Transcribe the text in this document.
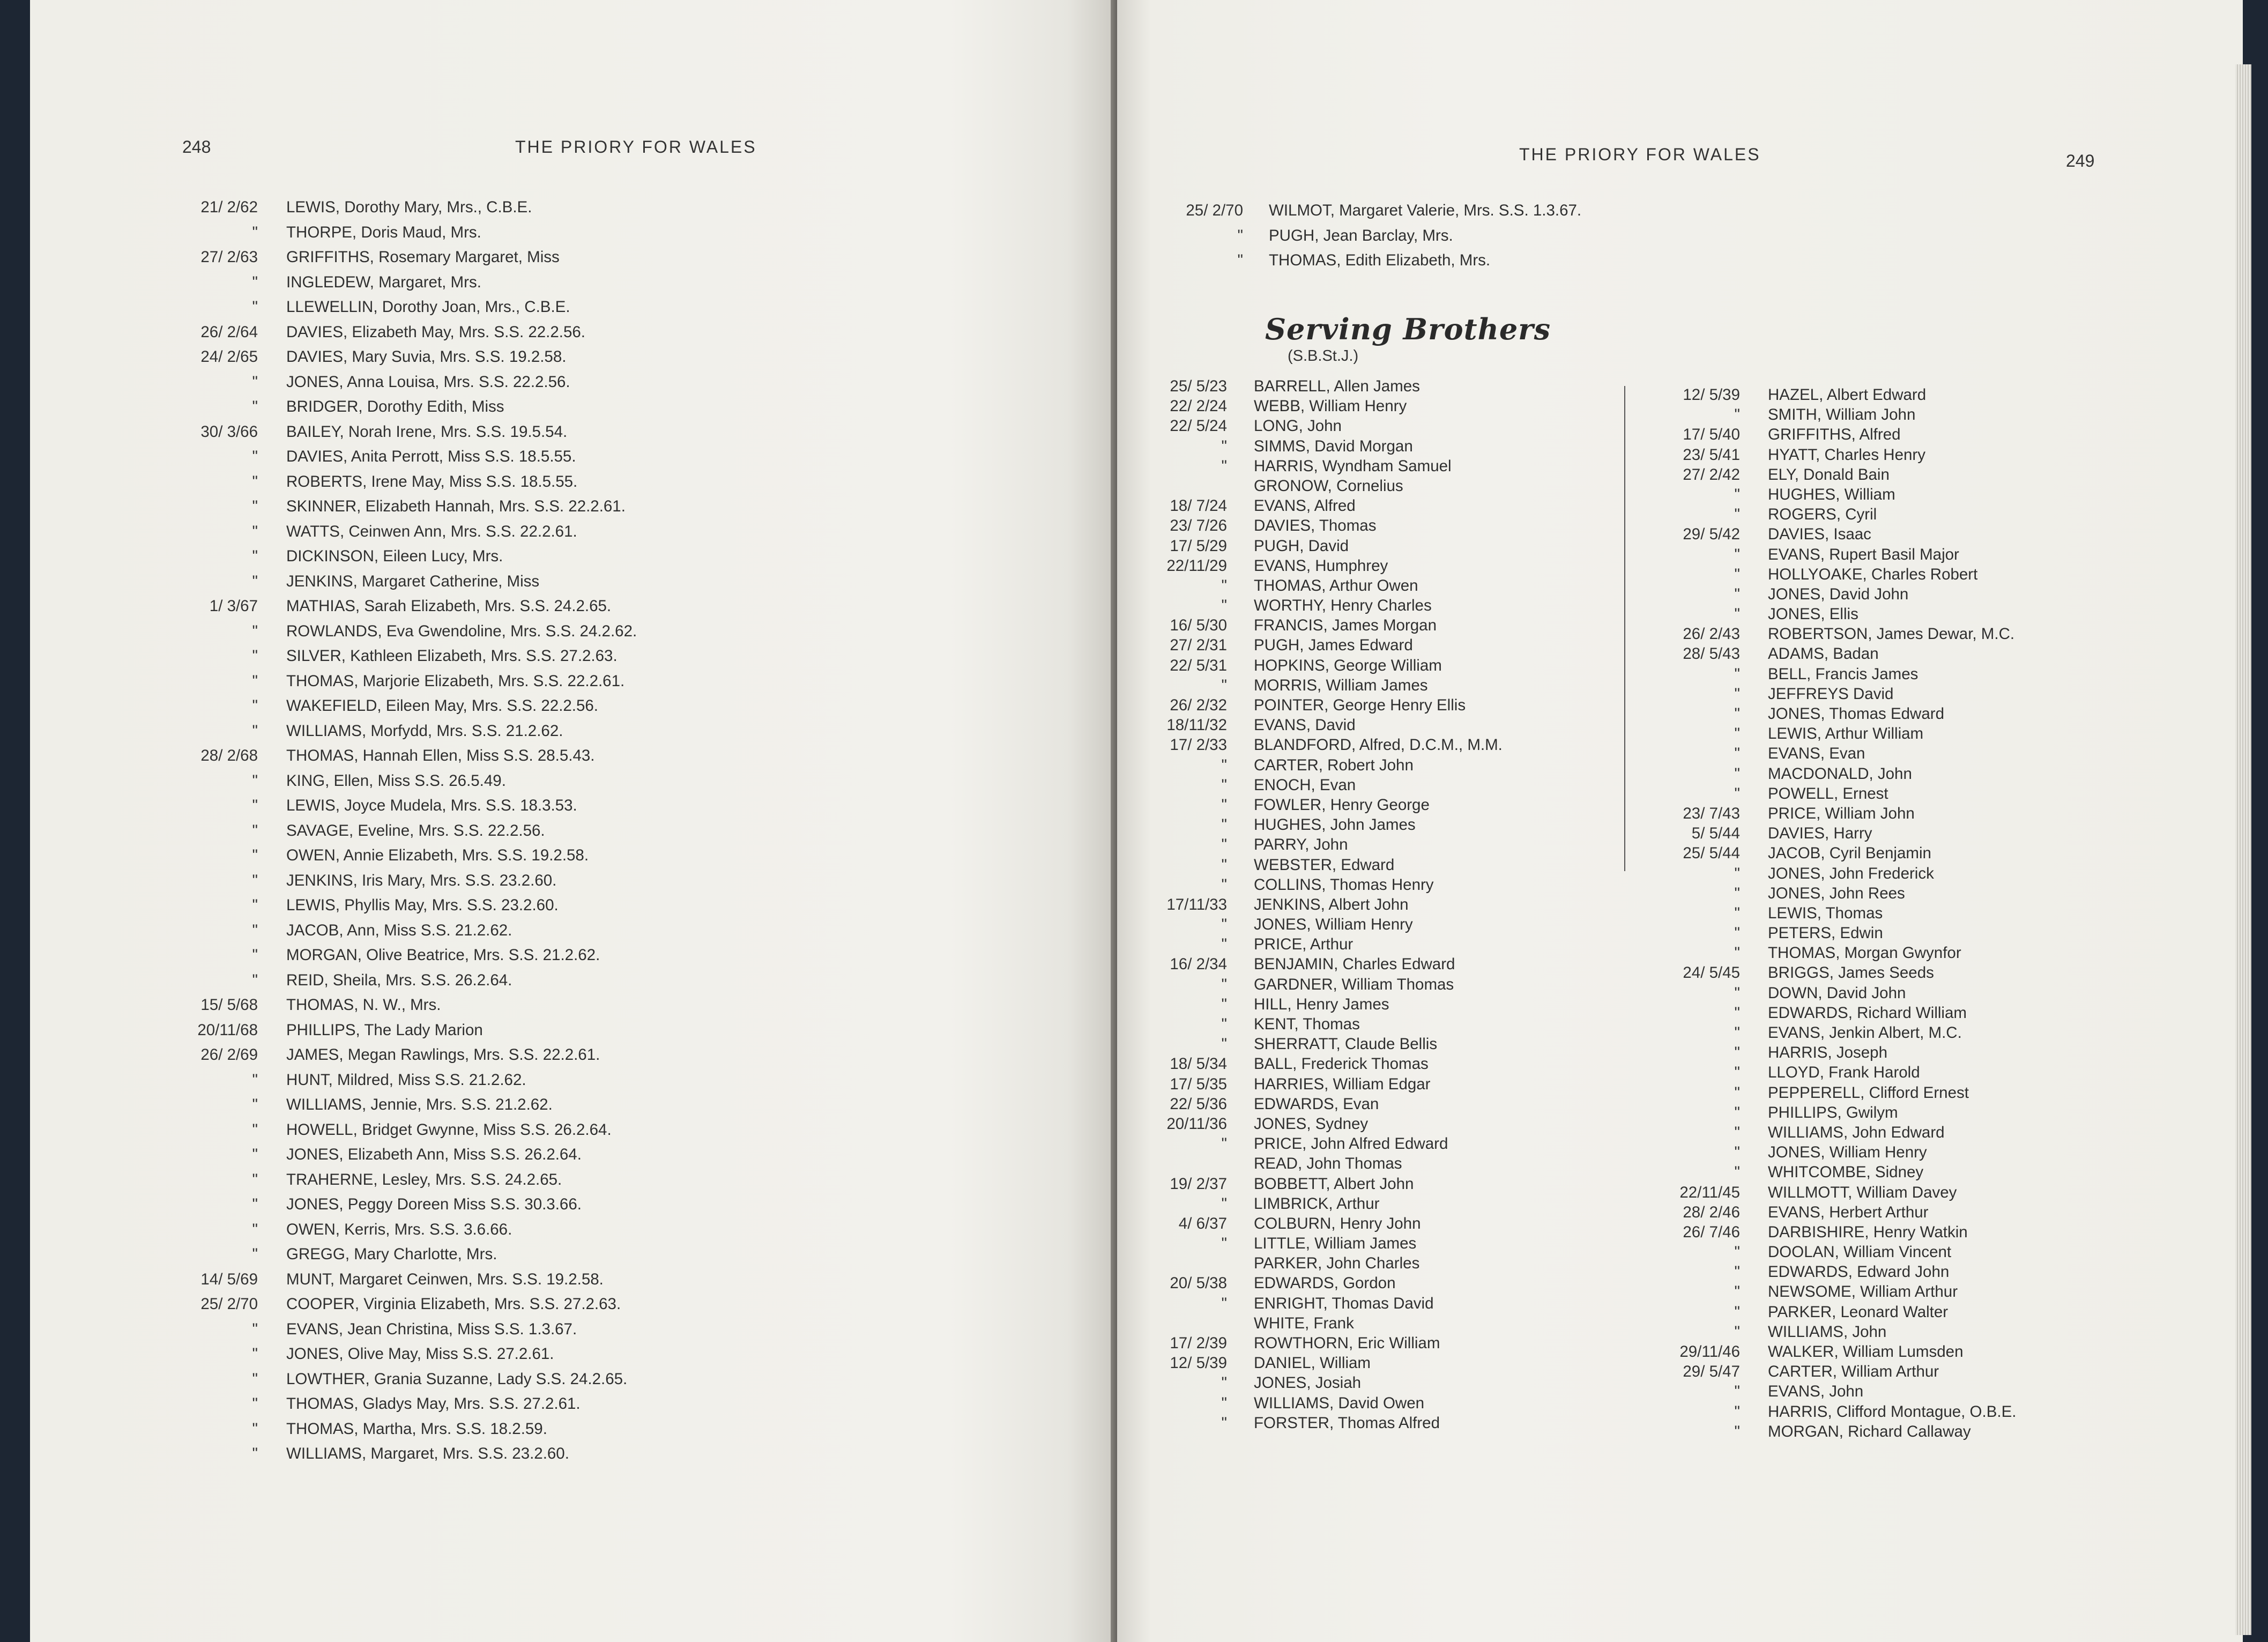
248	THE PRIORY FOR WALES
21/ 2/62 LEWIS, Dorothy Mary, Mrs., C.B.E.
" THORPE, Doris Maud, Mrs.
27/ 2/63 GRIFFITHS, Rosemary Margaret, Miss
" INGLEDEW, Margaret, Mrs.
" LLEWELLIN, Dorothy Joan, Mrs., C.B.E.
26/ 2/64 DAVIES, Elizabeth May, Mrs. S.S. 22.2.56.
24/ 2/65 DAVIES, Mary Suvia, Mrs. S.S. 19.2.58.
" JONES, Anna Louisa, Mrs. S.S. 22.2.56.
" BRIDGER, Dorothy Edith, Miss
30/ 3/66 BAILEY, Norah Irene, Mrs. S.S. 19.5.54.
" DAVIES, Anita Perrott, Miss S.S. 18.5.55.
" ROBERTS, Irene May, Miss S.S. 18.5.55.
" SKINNER, Elizabeth Hannah, Mrs. S.S. 22.2.61.
" WATTS, Ceinwen Ann, Mrs. S.S. 22.2.61.
" DICKINSON, Eileen Lucy, Mrs.
" JENKINS, Margaret Catherine, Miss
1/ 3/67 MATHIAS, Sarah Elizabeth, Mrs. S.S. 24.2.65.
" ROWLANDS, Eva Gwendoline, Mrs. S.S. 24.2.62.
" SILVER, Kathleen Elizabeth, Mrs. S.S. 27.2.63.
" THOMAS, Marjorie Elizabeth, Mrs. S.S. 22.2.61.
" WAKEFIELD, Eileen May, Mrs. S.S. 22.2.56.
" WILLIAMS, Morfydd, Mrs. S.S. 21.2.62.
28/ 2/68 THOMAS, Hannah Ellen, Miss S.S. 28.5.43.
" KING, Ellen, Miss S.S. 26.5.49.
" LEWIS, Joyce Mudela, Mrs. S.S. 18.3.53.
" SAVAGE, Eveline, Mrs. S.S. 22.2.56.
" OWEN, Annie Elizabeth, Mrs. S.S. 19.2.58.
" JENKINS, Iris Mary, Mrs. S.S. 23.2.60.
" LEWIS, Phyllis May, Mrs. S.S. 23.2.60.
" JACOB, Ann, Miss S.S. 21.2.62.
" MORGAN, Olive Beatrice, Mrs. S.S. 21.2.62.
" REID, Sheila, Mrs. S.S. 26.2.64.
15/ 5/68 THOMAS, N. W., Mrs.
20/11/68 PHILLIPS, The Lady Marion
26/ 2/69 JAMES, Megan Rawlings, Mrs. S.S. 22.2.61.
" HUNT, Mildred, Miss S.S. 21.2.62.
" WILLIAMS, Jennie, Mrs. S.S. 21.2.62.
" HOWELL, Bridget Gwynne, Miss S.S. 26.2.64.
" JONES, Elizabeth Ann, Miss S.S. 26.2.64.
" TRAHERNE, Lesley, Mrs. S.S. 24.2.65.
" JONES, Peggy Doreen Miss S.S. 30.3.66.
" OWEN, Kerris, Mrs. S.S. 3.6.66.
" GREGG, Mary Charlotte, Mrs.
14/ 5/69 MUNT, Margaret Ceinwen, Mrs. S.S. 19.2.58.
25/ 2/70 COOPER, Virginia Elizabeth, Mrs. S.S. 27.2.63.
" EVANS, Jean Christina, Miss S.S. 1.3.67.
" JONES, Olive May, Miss S.S. 27.2.61.
" LOWTHER, Grania Suzanne, Lady S.S. 24.2.65.
" THOMAS, Gladys May, Mrs. S.S. 27.2.61.
" THOMAS, Martha, Mrs. S.S. 18.2.59.
" WILLIAMS, Margaret, Mrs. S.S. 23.2.60.
THE PRIORY FOR WALES	249
25/ 2/70 WILMOT, Margaret Valerie, Mrs. S.S. 1.3.67.
" PUGH, Jean Barclay, Mrs.
" THOMAS, Edith Elizabeth, Mrs.
Serving Brothers
(S.B.St.J.)
25/ 5/23 BARRELL, Allen James
22/ 2/24 WEBB, William Henry
22/ 5/24 LONG, John
" SIMMS, David Morgan
" HARRIS, Wyndham Samuel
GRONOW, Cornelius
18/ 7/24 EVANS, Alfred
23/ 7/26 DAVIES, Thomas
17/ 5/29 PUGH, David
22/11/29 EVANS, Humphrey
" THOMAS, Arthur Owen
" WORTHY, Henry Charles
16/ 5/30 FRANCIS, James Morgan
27/ 2/31 PUGH, James Edward
22/ 5/31 HOPKINS, George William
" MORRIS, William James
26/ 2/32 POINTER, George Henry Ellis
18/11/32 EVANS, David
17/ 2/33 BLANDFORD, Alfred, D.C.M., M.M.
" CARTER, Robert John
" ENOCH, Evan
" FOWLER, Henry George
" HUGHES, John James
" PARRY, John
" WEBSTER, Edward
" COLLINS, Thomas Henry
17/11/33 JENKINS, Albert John
" JONES, William Henry
" PRICE, Arthur
16/ 2/34 BENJAMIN, Charles Edward
" GARDNER, William Thomas
" HILL, Henry James
" KENT, Thomas
" SHERRATT, Claude Bellis
18/ 5/34 BALL, Frederick Thomas
17/ 5/35 HARRIES, William Edgar
22/ 5/36 EDWARDS, Evan
20/11/36 JONES, Sydney
" PRICE, John Alfred Edward
READ, John Thomas
19/ 2/37 BOBBETT, Albert John
" LIMBRICK, Arthur
4/ 6/37 COLBURN, Henry John
" LITTLE, William James
PARKER, John Charles
20/ 5/38 EDWARDS, Gordon
" ENRIGHT, Thomas David
WHITE, Frank
17/ 2/39 ROWTHORN, Eric William
12/ 5/39 DANIEL, William
" JONES, Josiah
" WILLIAMS, David Owen
" FORSTER, Thomas Alfred
12/ 5/39 HAZEL, Albert Edward
" SMITH, William John
17/ 5/40 GRIFFITHS, Alfred
23/ 5/41 HYATT, Charles Henry
27/ 2/42 ELY, Donald Bain
" HUGHES, William
" ROGERS, Cyril
29/ 5/42 DAVIES, Isaac
" EVANS, Rupert Basil Major
" HOLLYOAKE, Charles Robert
" JONES, David John
" JONES, Ellis
26/ 2/43 ROBERTSON, James Dewar, M.C.
28/ 5/43 ADAMS, Badan
" BELL, Francis James
" JEFFREYS David
" JONES, Thomas Edward
" LEWIS, Arthur William
" EVANS, Evan
" MACDONALD, John
" POWELL, Ernest
23/ 7/43 PRICE, William John
5/ 5/44 DAVIES, Harry
25/ 5/44 JACOB, Cyril Benjamin
" JONES, John Frederick
" JONES, John Rees
" LEWIS, Thomas
" PETERS, Edwin
" THOMAS, Morgan Gwynfor
24/ 5/45 BRIGGS, James Seeds
" DOWN, David John
" EDWARDS, Richard William
" EVANS, Jenkin Albert, M.C.
" HARRIS, Joseph
" LLOYD, Frank Harold
" PEPPERELL, Clifford Ernest
" PHILLIPS, Gwilym
" WILLIAMS, John Edward
" JONES, William Henry
" WHITCOMBE, Sidney
22/11/45 WILLMOTT, William Davey
28/ 2/46 EVANS, Herbert Arthur
26/ 7/46 DARBISHIRE, Henry Watkin
" DOOLAN, William Vincent
" EDWARDS, Edward John
" NEWSOME, William Arthur
" PARKER, Leonard Walter
" WILLIAMS, John
29/11/46 WALKER, William Lumsden
29/ 5/47 CARTER, William Arthur
" EVANS, John
" HARRIS, Clifford Montague, O.B.E.
" MORGAN, Richard Callaway
